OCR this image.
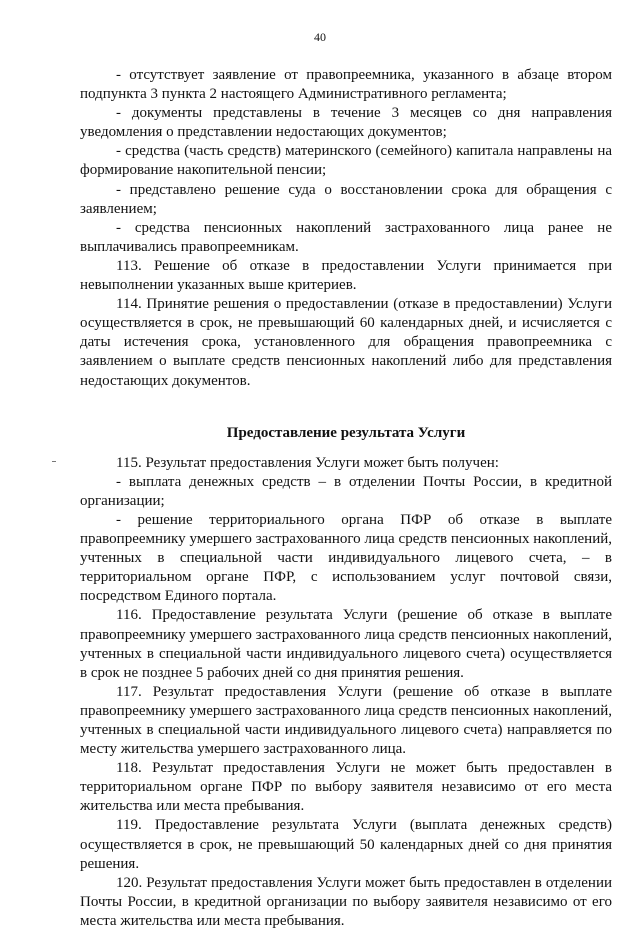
40

- отсутствует заявление от правопреемника, указанного в абзаце втором подпункта 3 пункта 2 настоящего Административного регламента;

- документы представлены в течение 3 месяцев со дня направления уведомления о представлении недостающих документов;

- средства (часть средств) материнского (семейного) капитала направлены на формирование накопительной пенсии;

- представлено решение суда о восстановлении срока для обращения с заявлением;

- средства пенсионных накоплений застрахованного лица ранее не выплачивались правопреемникам.

113. Решение об отказе в предоставлении Услуги принимается при невыполнении указанных выше критериев.

114. Принятие решения о предоставлении (отказе в предоставлении) Услуги осуществляется в срок, не превышающий 60 календарных дней, и исчисляется с даты истечения срока, установленного для обращения правопреемника с заявлением о выплате средств пенсионных накоплений либо для представления недостающих документов.

Предоставление результата Услуги

115. Результат предоставления Услуги может быть получен:

- выплата денежных средств – в отделении Почты России, в кредитной организации;

- решение территориального органа ПФР об отказе в выплате правопреемнику умершего застрахованного лица средств пенсионных накоплений, учтенных в специальной части индивидуального лицевого счета, – в территориальном органе ПФР, с использованием услуг почтовой связи, посредством Единого портала.

116. Предоставление результата Услуги (решение об отказе в выплате правопреемнику умершего застрахованного лица средств пенсионных накоплений, учтенных в специальной части индивидуального лицевого счета) осуществляется в срок не позднее 5 рабочих дней со дня принятия решения.

117. Результат предоставления Услуги (решение об отказе в выплате правопреемнику умершего застрахованного лица средств пенсионных накоплений, учтенных в специальной части индивидуального лицевого счета) направляется по месту жительства умершего застрахованного лица.

118. Результат предоставления Услуги не может быть предоставлен в территориальном органе ПФР по выбору заявителя независимо от его места жительства или места пребывания.

119. Предоставление результата Услуги (выплата денежных средств) осуществляется в срок, не превышающий 50 календарных дней со дня принятия решения.

120. Результат предоставления Услуги может быть предоставлен в отделении Почты России, в кредитной организации по выбору заявителя независимо от его места жительства или места пребывания.
